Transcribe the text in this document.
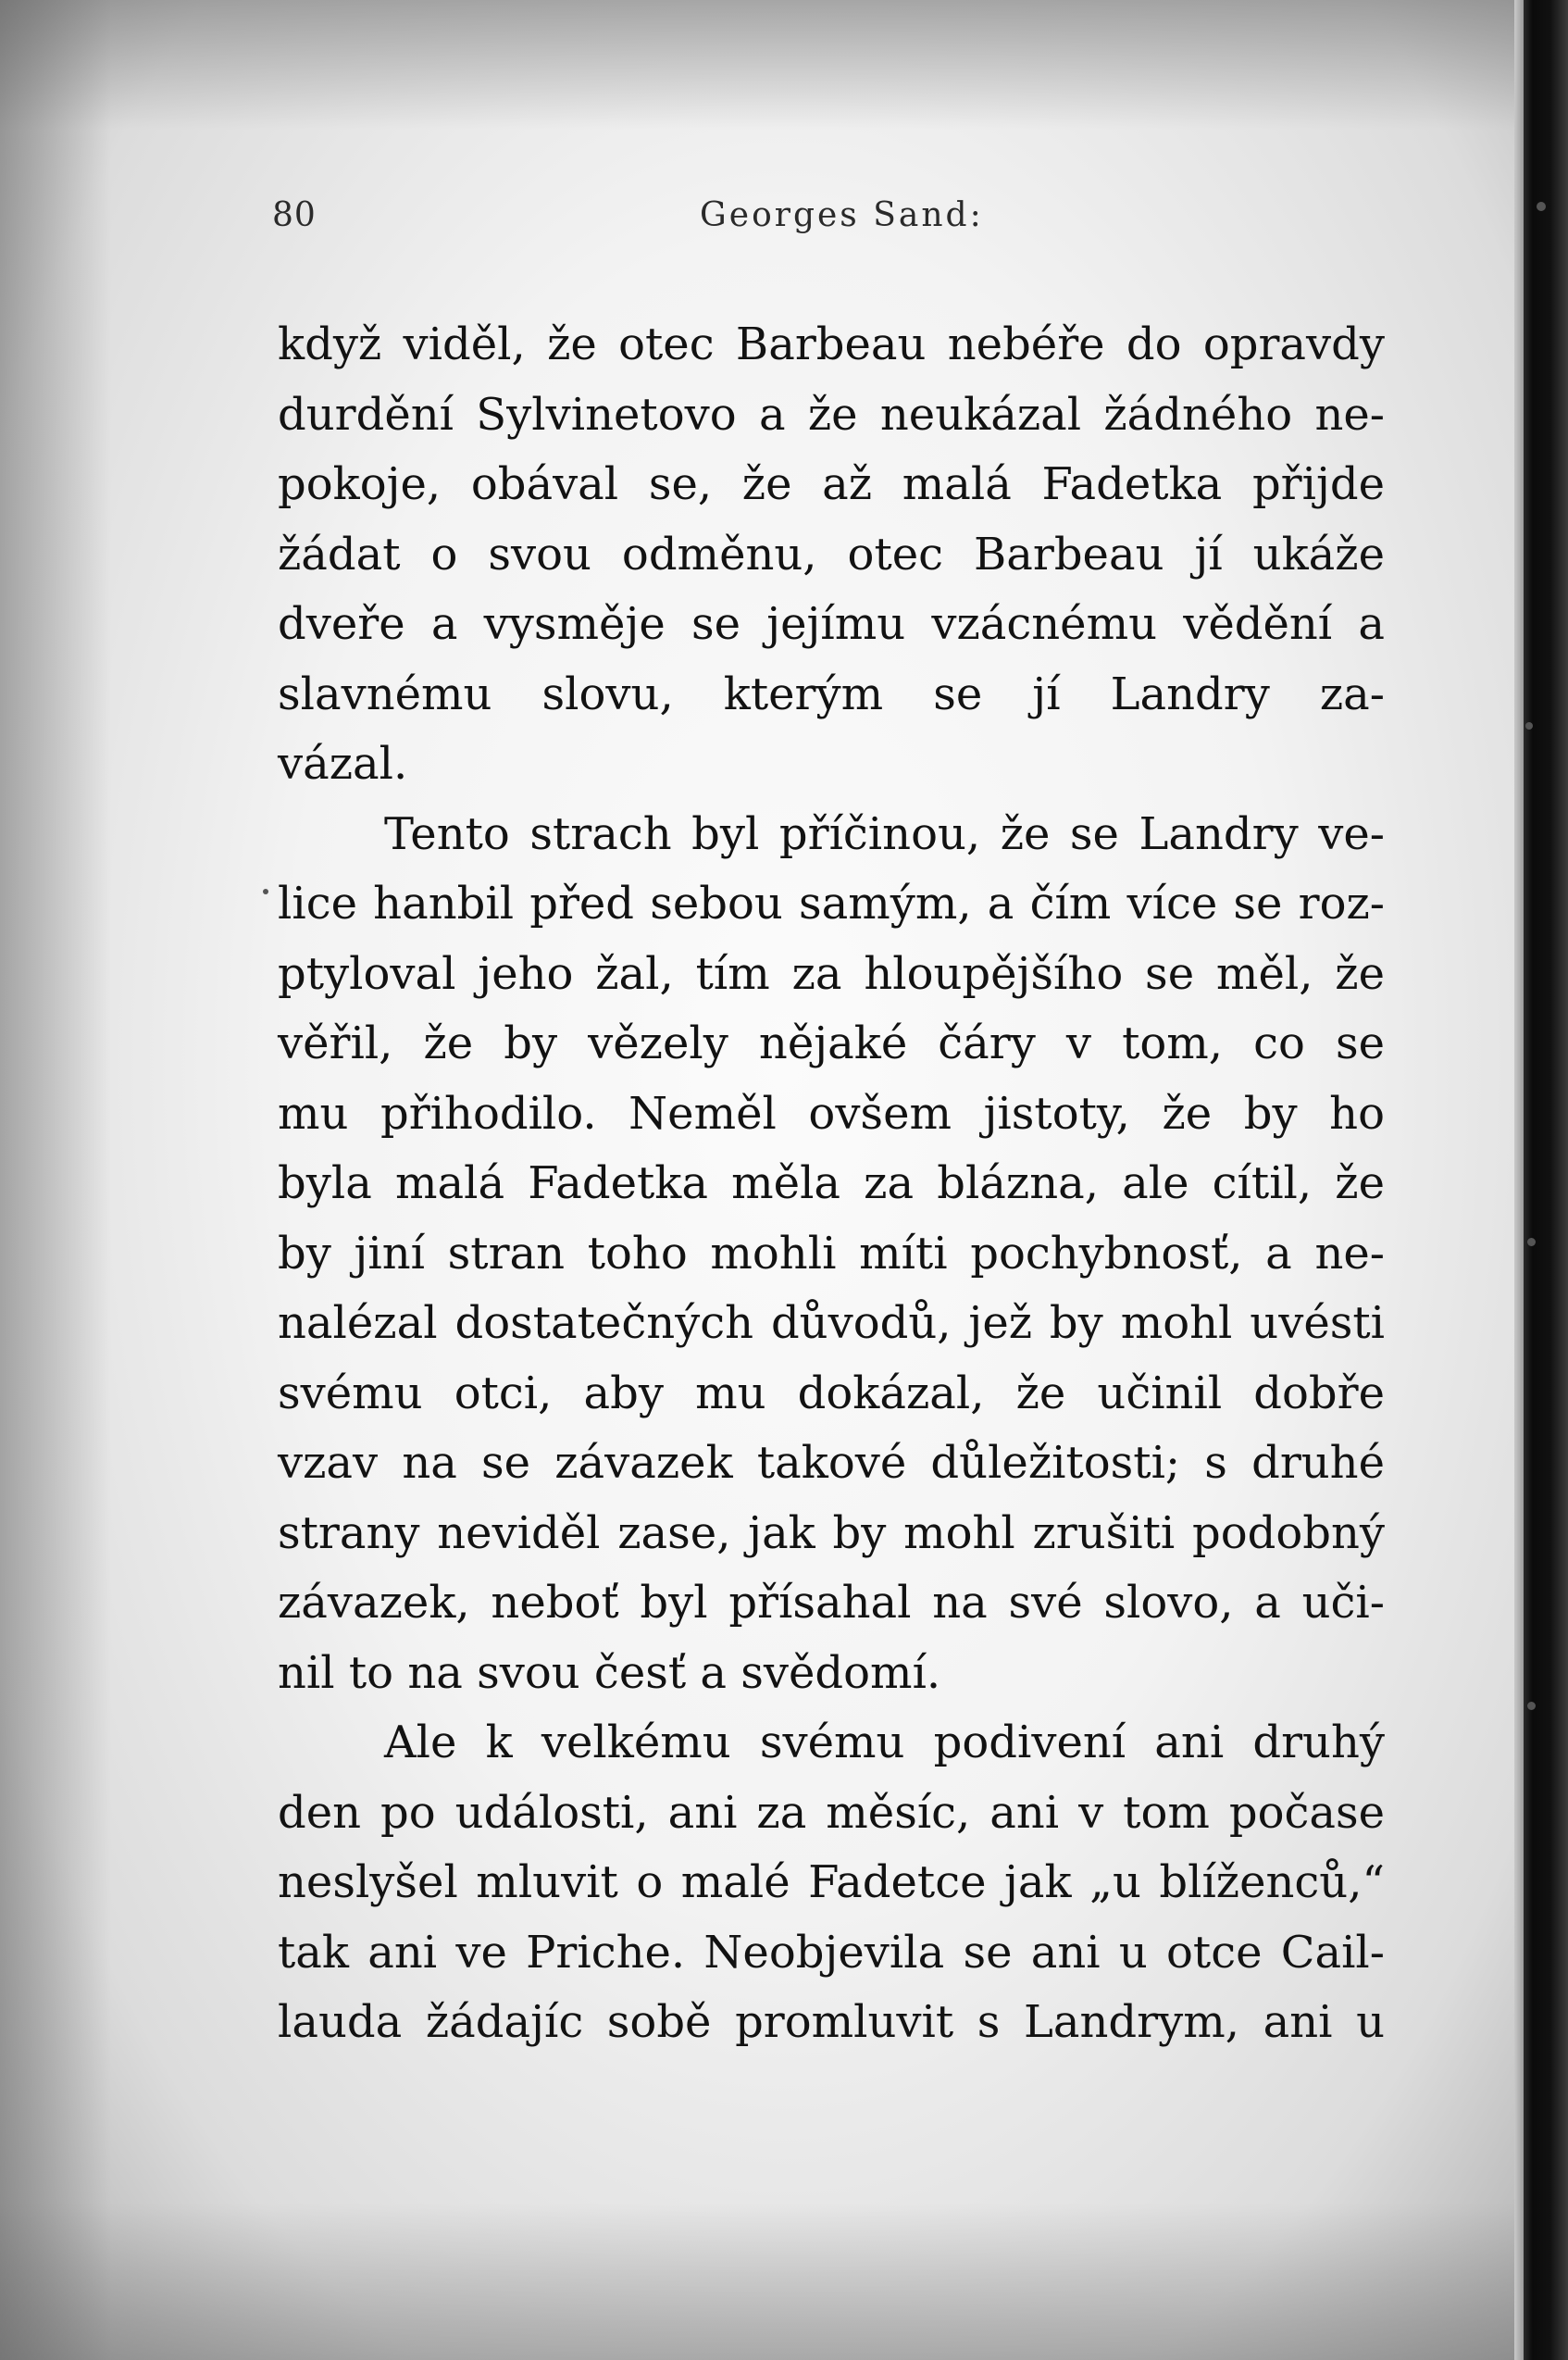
80	Georges Sand:
když viděl, že otec Barbeau nebéře do opravdy
durdění Sylvinetovo a že neukázal žádného ne-
pokoje, obával se, že až malá Fadetka přijde
žádat o svou odměnu, otec Barbeau jí ukáže
dveře a vysměje se jejímu vzácnému vědění a
slavnému slovu, kterým se jí Landry za-
vázal.
Tento strach byl příčinou, že se Landry ve-
lice hanbil před sebou samým, a čím více se roz-
ptyloval jeho žal, tím za hloupějšího se měl, že
věřil, že by vězely nějaké čáry v tom, co se
mu přihodilo. Neměl ovšem jistoty, že by ho
byla malá Fadetka měla za blázna, ale cítil, že
by jiní stran toho mohli míti pochybnosť, a ne-
nalézal dostatečných důvodů, jež by mohl uvésti
svému otci, aby mu dokázal, že učinil dobře
vzav na se závazek takové důležitosti; s druhé
strany neviděl zase, jak by mohl zrušiti podobný
závazek, neboť byl přísahal na své slovo, a uči-
nil to na svou česť a svědomí.
Ale k velkému svému podivení ani druhý
den po události, ani za měsíc, ani v tom počase
neslyšel mluvit o malé Fadetce jak „u blíženců,“
tak ani ve Priche. Neobjevila se ani u otce Cail-
lauda žádajíc sobě promluvit s Landrym, ani u
